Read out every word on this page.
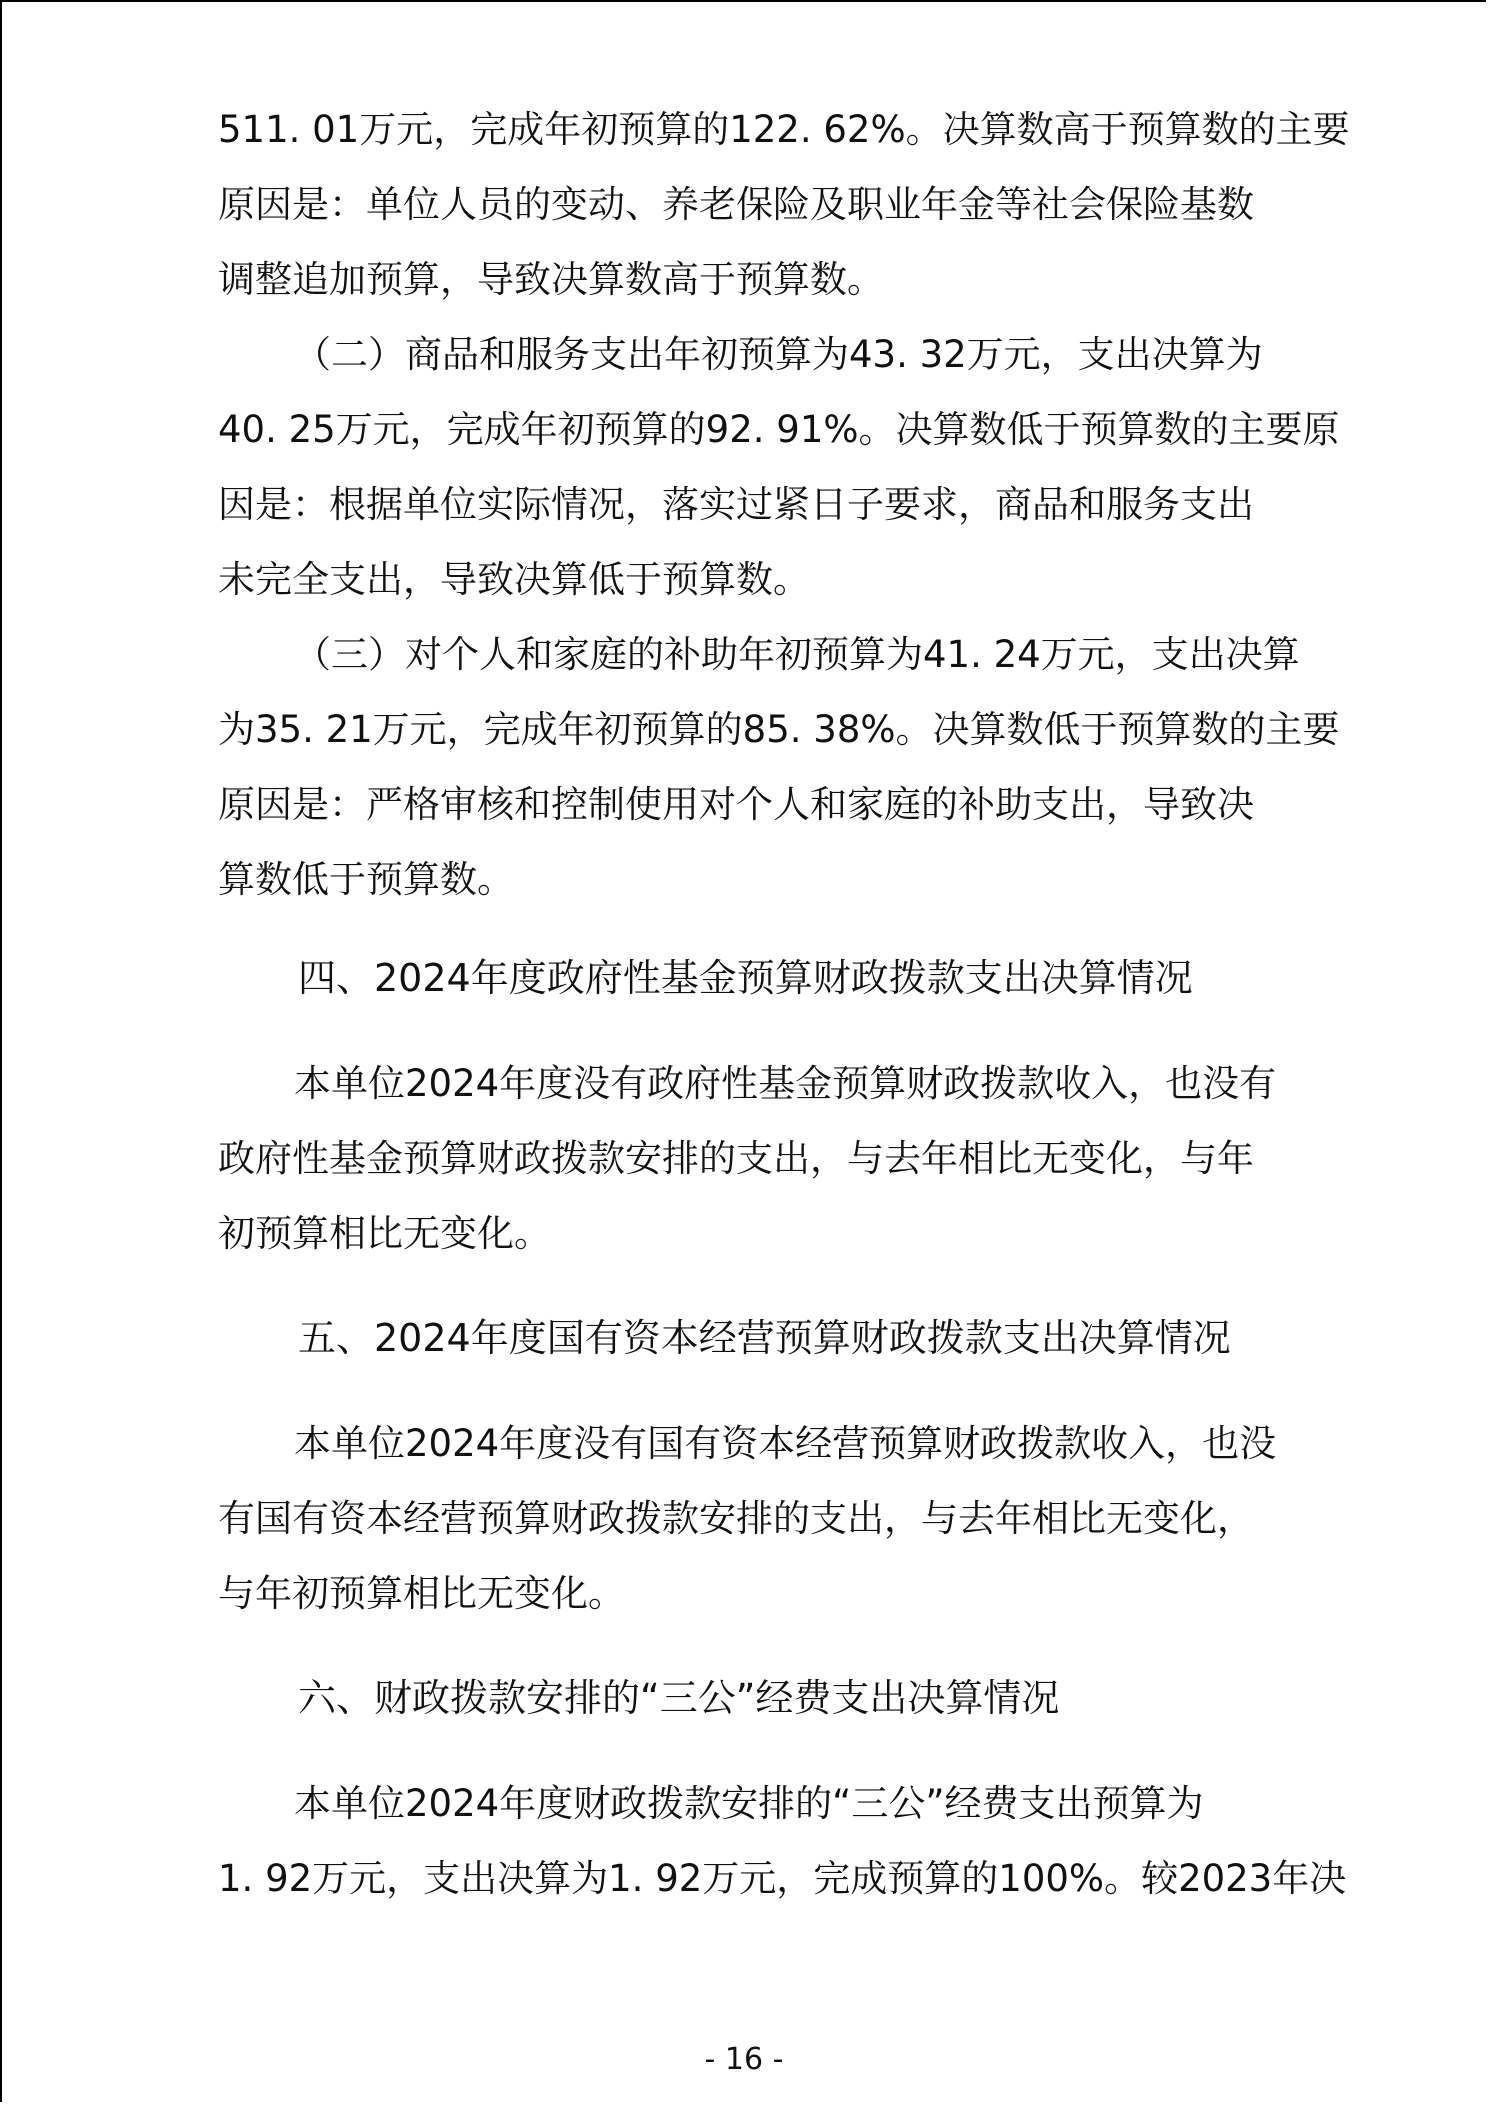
511. 01万元，完成年初预算的122. 62%。决算数高于预算数的主要
原因是：单位人员的变动、养老保险及职业年金等社会保险基数
调整追加预算，导致决算数高于预算数。
（二）商品和服务支出年初预算为43. 32万元，支出决算为
40. 25万元，完成年初预算的92. 91%。决算数低于预算数的主要原
因是：根据单位实际情况，落实过紧日子要求，商品和服务支出
未完全支出，导致决算低于预算数。
（三）对个人和家庭的补助年初预算为41. 24万元，支出决算
为35. 21万元，完成年初预算的85. 38%。决算数低于预算数的主要
原因是：严格审核和控制使用对个人和家庭的补助支出，导致决
算数低于预算数。
四、2024年度政府性基金预算财政拨款支出决算情况
本单位2024年度没有政府性基金预算财政拨款收入，也没有
政府性基金预算财政拨款安排的支出，与去年相比无变化，与年
初预算相比无变化。
五、2024年度国有资本经营预算财政拨款支出决算情况
本单位2024年度没有国有资本经营预算财政拨款收入，也没
有国有资本经营预算财政拨款安排的支出，与去年相比无变化，
与年初预算相比无变化。
六、财政拨款安排的“三公”经费支出决算情况
本单位2024年度财政拨款安排的“三公”经费支出预算为
1. 92万元，支出决算为1. 92万元，完成预算的100%。较2023年决
- 16 -
